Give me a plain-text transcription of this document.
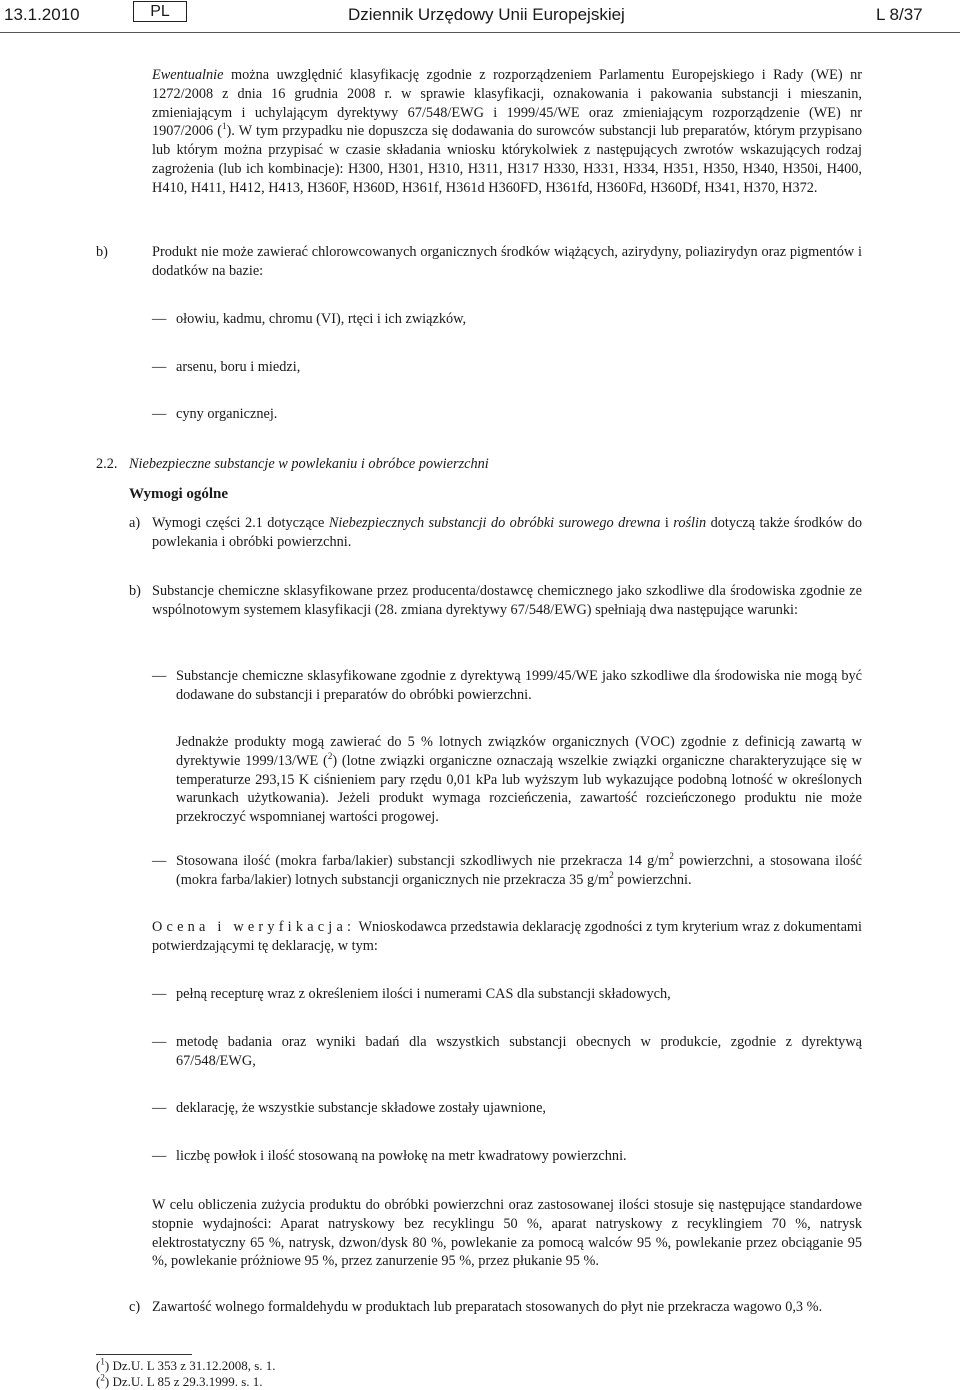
13.1.2010	PL	Dziennik Urzędowy Unii Europejskiej	L 8/37

Ewentualnie można uwzględnić klasyfikację zgodnie z rozporządzeniem Parlamentu Europejskiego i Rady (WE) nr 1272/2008 z dnia 16 grudnia 2008 r. w sprawie klasyfikacji, oznakowania i pakowania substancji i mieszanin, zmieniającym i uchylającym dyrektywy 67/548/EWG i 1999/45/WE oraz zmieniającym rozporządzenie (WE) nr 1907/2006 ($^1$). W tym przypadku nie dopuszcza się dodawania do surowców substancji lub preparatów, którym przypisano lub którym można przypisać w czasie składania wniosku którykolwiek z następujących zwrotów wskazujących rodzaj zagrożenia (lub ich kombinacje): H300, H301, H310, H311, H317 H330, H331, H334, H351, H350, H340, H350i, H400, H410, H411, H412, H413, H360F, H360D, H361f, H361d H360FD, H361fd, H360Fd, H360Df, H341, H370, H372.

b)	Produkt nie może zawierać chlorowcowanych organicznych środków wiążących, azirydyny, poliazirydyn oraz pigmentów i dodatków na bazie:

— ołowiu, kadmu, chromu (VI), rtęci i ich związków,

— arsenu, boru i miedzi,

— cyny organicznej.

2.2. Niebezpieczne substancje w powlekaniu i obróbce powierzchni
Wymogi ogólne
a) Wymogi części 2.1 dotyczące Niebezpiecznych substancji do obróbki surowego drewna i roślin dotyczą także środków do powlekania i obróbki powierzchni.

b) Substancje chemiczne sklasyfikowane przez producenta/dostawcę chemicznego jako szkodliwe dla środowiska zgodnie ze wspólnotowym systemem klasyfikacji (28. zmiana dyrektywy 67/548/EWG) spełniają dwa następujące warunki:

— Substancje chemiczne sklasyfikowane zgodnie z dyrektywą 1999/45/WE jako szkodliwe dla środowiska nie mogą być dodawane do substancji i preparatów do obróbki powierzchni.

Jednakże produkty mogą zawierać do 5 % lotnych związków organicznych (VOC) zgodnie z definicją zawartą w dyrektywie 1999/13/WE ($^2$) (lotne związki organiczne oznaczają wszelkie związki organiczne charakteryzujące się w temperaturze 293,15 K ciśnieniem pary rzędu 0,01 kPa lub wyższym lub wykazujące podobną lotność w określonych warunkach użytkowania). Jeżeli produkt wymaga rozcieńczenia, zawartość rozcieńczonego produktu nie może przekroczyć wspomnianej wartości progowej.

— Stosowana ilość (mokra farba/lakier) substancji szkodliwych nie przekracza 14 $g/m^2$ powierzchni, a stosowana ilość (mokra farba/lakier) lotnych substancji organicznych nie przekracza 35 $g/m^2$ powierzchni.

Ocena i weryfikacja: Wnioskodawca przedstawia deklarację zgodności z tym kryterium wraz z dokumentami potwierdzającymi tę deklarację, w tym:

— pełną recepturę wraz z określeniem ilości i numerami CAS dla substancji składowych,

— metodę badania oraz wyniki badań dla wszystkich substancji obecnych w produkcie, zgodnie z dyrektywą 67/548/EWG,

— deklarację, że wszystkie substancje składowe zostały ujawnione,

— liczbę powłok i ilość stosowaną na powłokę na metr kwadratowy powierzchni.

W celu obliczenia zużycia produktu do obróbki powierzchni oraz zastosowanej ilości stosuje się następujące standardowe stopnie wydajności: Aparat natryskowy bez recyklingu 50 %, aparat natryskowy z recyklingiem 70 %, natrysk elektrostatyczny 65 %, natrysk, dzwon/dysk 80 %, powlekanie za pomocą walców 95 %, powlekanie przez obciąganie 95 %, powlekanie próżniowe 95 %, przez zanurzenie 95 %, przez płukanie 95 %.

c) Zawartość wolnego formaldehydu w produktach lub preparatach stosowanych do płyt nie przekracza wagowo 0,3 %.

($^1$) Dz.U. L 353 z 31.12.2008, s. 1.
($^2$) Dz.U. L 85 z 29.3.1999. s. 1.
